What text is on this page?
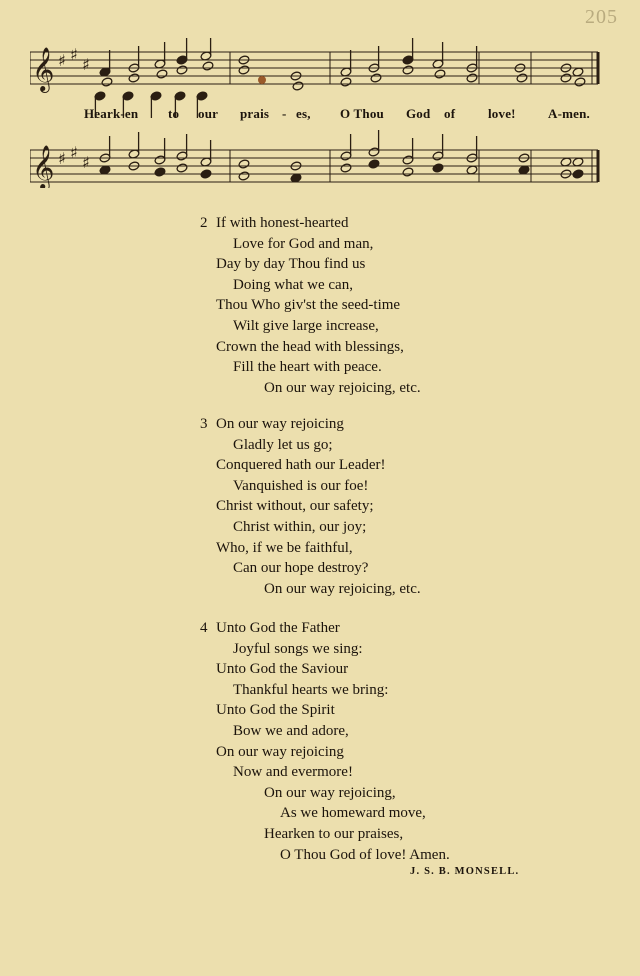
205
𝄞 ♯ ♯
♯
𝄞 ♯ ♯
♯
Heark-en to our prais - es, O Thou God of	love! A-men.
2 If with honest-hearted
Love for God and man,
Day by day Thou find us
Doing what we can,
Thou Who giv'st the seed-time
Wilt give large increase,
Crown the head with blessings,
Fill the heart with peace.
On our way rejoicing, etc.
3 On our way rejoicing
Gladly let us go;
Conquered hath our Leader!
Vanquished is our foe!
Christ without, our safety;
Christ within, our joy;
Who, if we be faithful,
Can our hope destroy?
On our way rejoicing, etc.
4 Unto God the Father
Joyful songs we sing:
Unto God the Saviour
Thankful hearts we bring:
Unto God the Spirit
Bow we and adore,
On our way rejoicing
Now and evermore!
On our way rejoicing,
As we homeward move,
Hearken to our praises,
O Thou God of love! Amen.
J. S. B. MONSELL.
